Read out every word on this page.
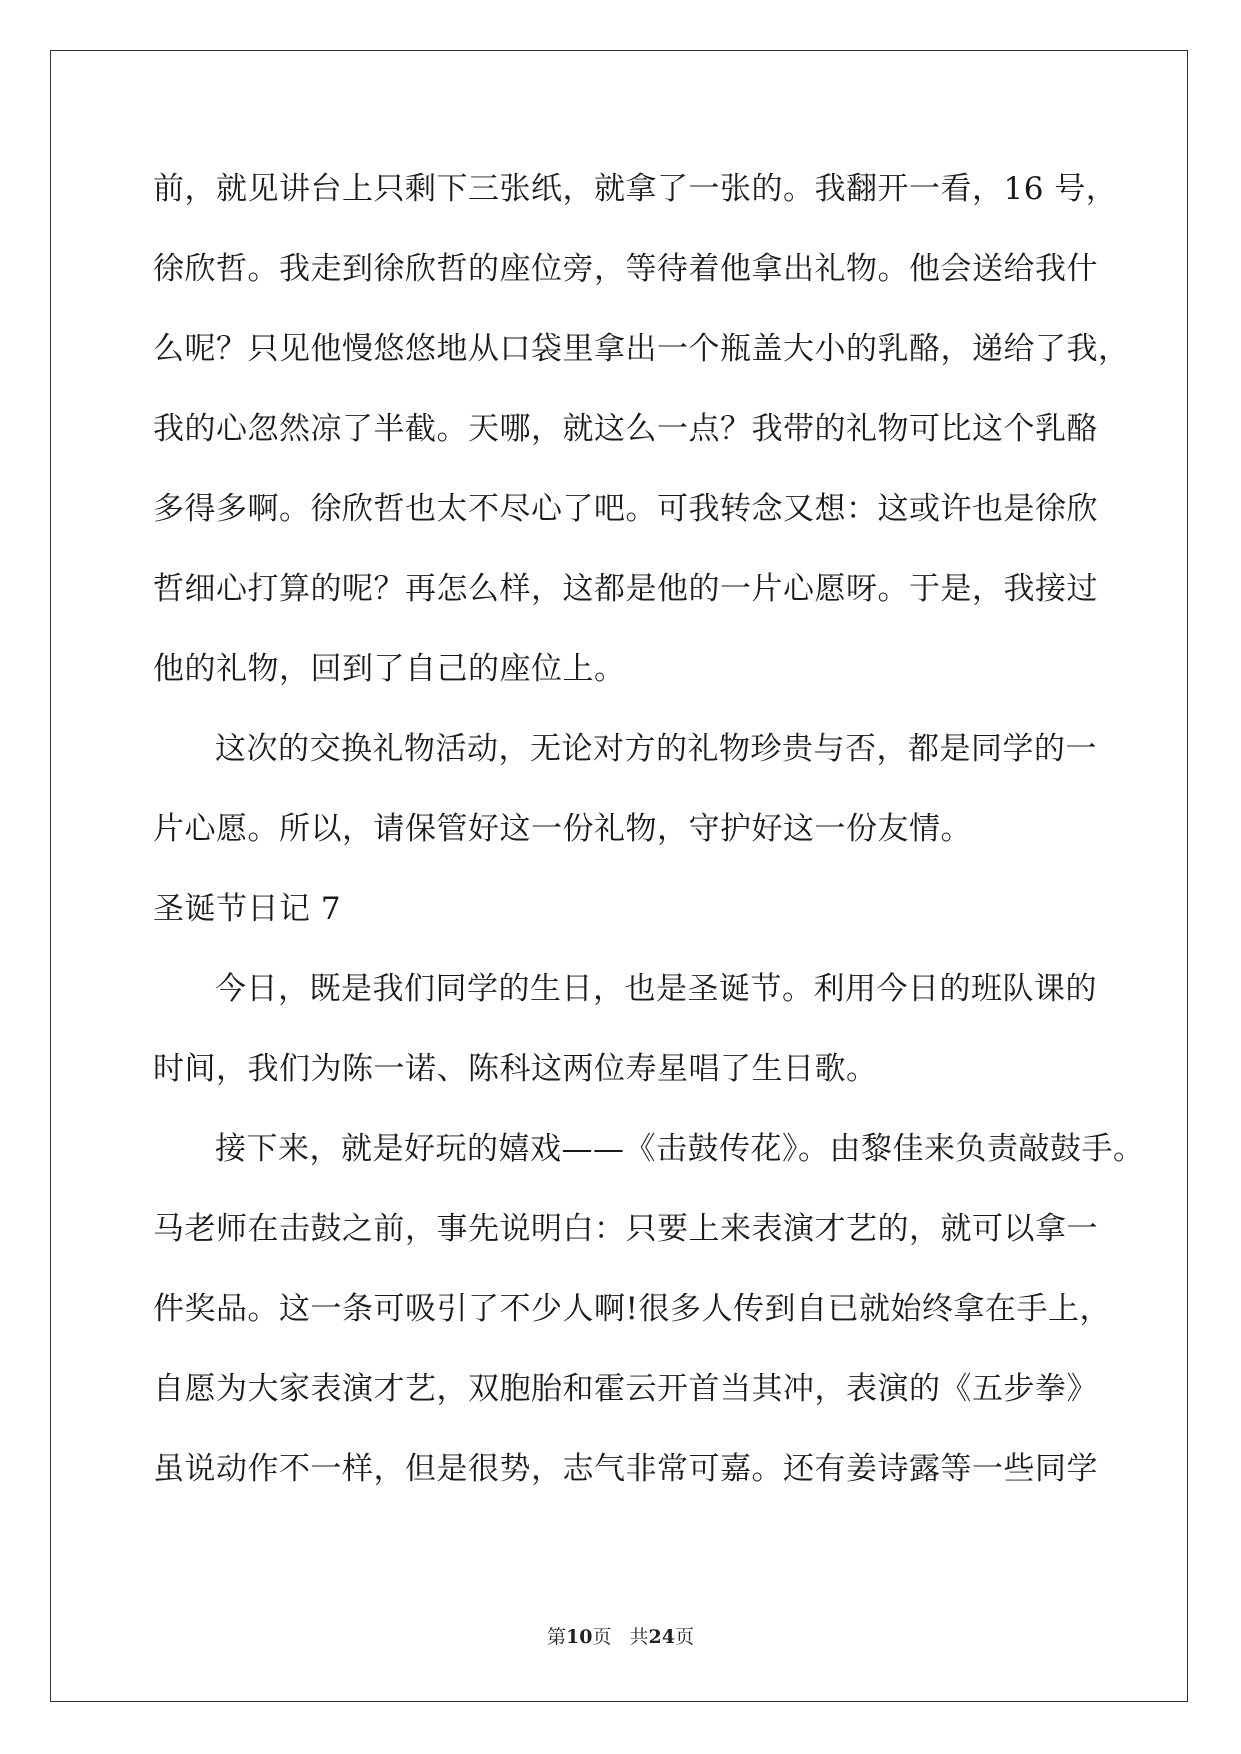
前，就见讲台上只剩下三张纸，就拿了一张的。我翻开一看，16 号，
徐欣哲。我走到徐欣哲的座位旁，等待着他拿出礼物。他会送给我什
么呢？只见他慢悠悠地从口袋里拿出一个瓶盖大小的乳酪，递给了我，
我的心忽然凉了半截。天哪，就这么一点？我带的礼物可比这个乳酪
多得多啊。徐欣哲也太不尽心了吧。可我转念又想：这或许也是徐欣
哲细心打算的呢？再怎么样，这都是他的一片心愿呀。于是，我接过
他的礼物，回到了自己的座位上。
这次的交换礼物活动，无论对方的礼物珍贵与否，都是同学的一
片心愿。所以，请保管好这一份礼物，守护好这一份友情。
圣诞节日记 7
今日，既是我们同学的生日，也是圣诞节。利用今日的班队课的
时间，我们为陈一诺、陈科这两位寿星唱了生日歌。
接下来，就是好玩的嬉戏——《击鼓传花》。由黎佳来负责敲鼓手。
马老师在击鼓之前，事先说明白：只要上来表演才艺的，就可以拿一
件奖品。这一条可吸引了不少人啊!很多人传到自已就始终拿在手上，
自愿为大家表演才艺，双胞胎和霍云开首当其冲，表演的《五步拳》
虽说动作不一样，但是很势，志气非常可嘉。还有姜诗露等一些同学
第10页 共24页
